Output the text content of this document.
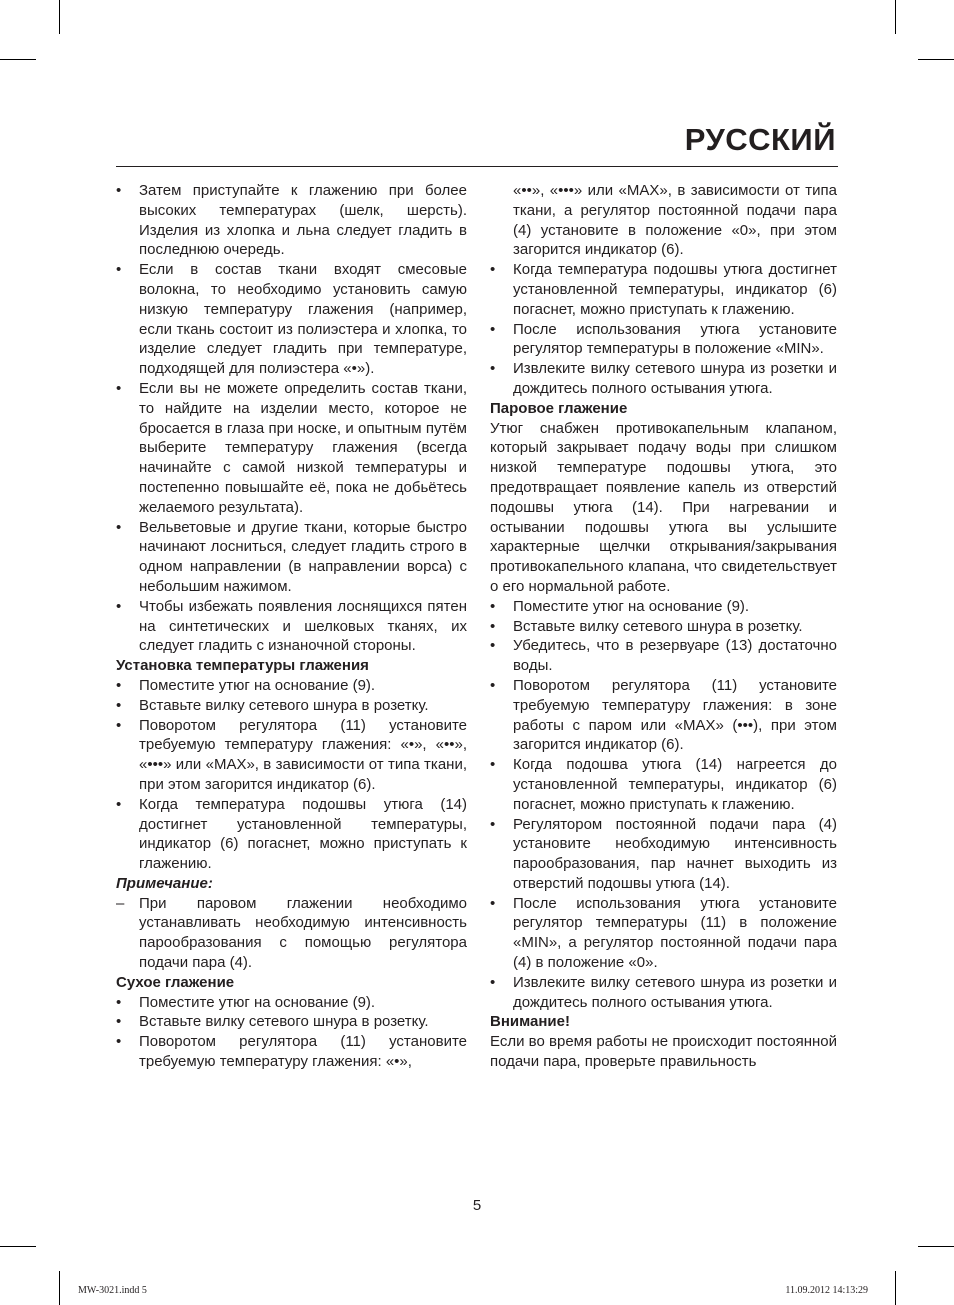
РУССКИЙ
• Затем приступайте к глажению при более высоких температурах (шелк, шерсть). Изделия из хлопка и льна следует гладить в последнюю очередь.
• Если в состав ткани входят смесовые волокна, то необходимо установить самую низкую температуру глажения (например, если ткань состоит из полиэстера и хлопка, то изделие следует гладить при температуре, подходящей для полиэстера «•»).
• Если вы не можете определить состав ткани, то найдите на изделии место, которое не бросается в глаза при носке, и опытным путём выберите температуру глажения (всегда начинайте с самой низкой температуры и постепенно повышайте её, пока не добьётесь желаемого результата).
• Вельветовые и другие ткани, которые быстро начинают лосниться, следует гладить строго в одном направлении (в направлении ворса) с небольшим нажимом.
• Чтобы избежать появления лоснящихся пятен на синтетических и шелковых тканях, их следует гладить с изнаночной стороны.

Установка температуры глажения

• Поместите утюг на основание (9).
• Вставьте вилку сетевого шнура в розетку.
• Поворотом регулятора (11) установите требуемую температуру глажения: «•», «••», «•••» или «MAX», в зависимости от типа ткани, при этом загорится индикатор (6).
• Когда температура подошвы утюга (14) достигнет установленной температуры, индикатор (6) погаснет, можно приступать к глажению.

Примечание:

– При паровом глажении необходимо устанавливать необходимую интенсивность парообразования с помощью регулятора подачи пара (4).

Сухое глажение

• Поместите утюг на основание (9).
• Вставьте вилку сетевого шнура в розетку.
• Поворотом регулятора (11) установите требуемую температуру глажения: «•»,

«••», «•••» или «MAX», в зависимости от типа ткани, а регулятор постоянной подачи пара (4) установите в положение «0», при этом загорится индикатор (6).

• Когда температура подошвы утюга достигнет установленной температуры, индикатор (6) погаснет, можно приступать к глажению.
• После использования утюга установите регулятор температуры в положение «MIN».
• Извлеките вилку сетевого шнура из розетки и дождитесь полного остывания утюга.

Паровое глажение

Утюг снабжен противокапельным клапаном, который закрывает подачу воды при слишком низкой температуре подошвы утюга, это предотвращает появление капель из отверстий подошвы утюга (14). При нагревании и остывании подошвы утюга вы услышите характерные щелчки открывания/закрывания противокапельного клапана, что свидетельствует о его нормальной работе.

• Поместите утюг на основание (9).
• Вставьте вилку сетевого шнура в розетку.
• Убедитесь, что в резервуаре (13) достаточно воды.
• Поворотом регулятора (11) установите требуемую температуру глажения: в зоне работы с паром или «MAX» (•••), при этом загорится индикатор (6).
• Когда подошва утюга (14) нагреется до установленной температуры, индикатор (6) погаснет, можно приступать к глажению.
• Регулятором постоянной подачи пара (4) установите необходимую интенсивность парообразования, пар начнет выходить из отверстий подошвы утюга (14).
• После использования утюга установите регулятор температуры (11) в положение «MIN», а регулятор постоянной подачи пара (4) в положение «0».
• Извлеките вилку сетевого шнура из розетки и дождитесь полного остывания утюга.

Внимание!

Если во время работы не происходит постоянной подачи пара, проверьте правильность

5
MW-3021.indd 5	11.09.2012 14:13:29
